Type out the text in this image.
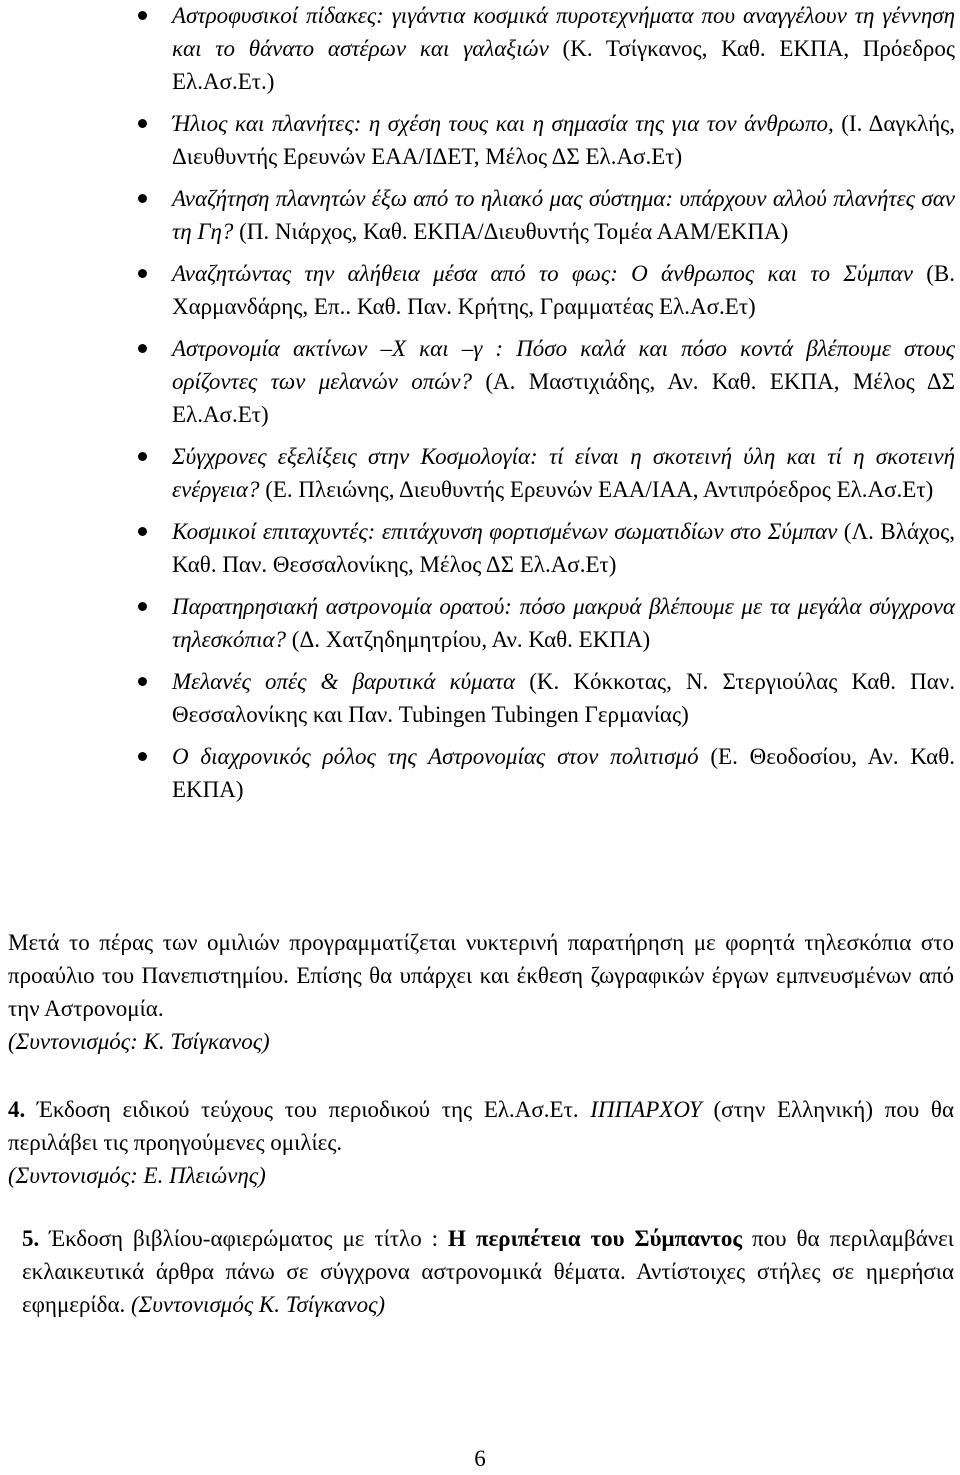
Αστροφυσικοί πίδακες: γιγάντια κοσμικά πυροτεχνήματα που αναγγέλουν τη γέννηση και το θάνατο αστέρων και γαλαξιών (Κ. Τσίγκανος, Καθ. ΕΚΠΑ, Πρόεδρος Ελ.Ασ.Ετ.)
Ήλιος και πλανήτες: η σχέση τους και η σημασία της για τον άνθρωπο, (Ι. Δαγκλής, Διευθυντής Ερευνών ΕΑΑ/ΙΔΕΤ, Μέλος ΔΣ Ελ.Ασ.Ετ)
Αναζήτηση πλανητών έξω από το ηλιακό μας σύστημα: υπάρχουν αλλού πλανήτες σαν τη Γη? (Π. Νιάρχος, Καθ. ΕΚΠΑ/Διευθυντής Τομέα ΑΑΜ/ΕΚΠΑ)
Αναζητώντας την αλήθεια μέσα από το φως: Ο άνθρωπος και το Σύμπαν (Β. Χαρμανδάρης, Επ.. Καθ. Παν. Κρήτης, Γραμματέας Ελ.Ασ.Ετ)
Αστρονομία ακτίνων –Χ και –γ : Πόσο καλά και πόσο κοντά βλέπουμε στους ορίζοντες των μελανών οπών? (Α. Μαστιχιάδης, Αν. Καθ. ΕΚΠΑ, Μέλος ΔΣ Ελ.Ασ.Ετ)
Σύγχρονες εξελίξεις στην Κοσμολογία: τί είναι η σκοτεινή ύλη και τί η σκοτεινή ενέργεια? (Ε. Πλειώνης, Διευθυντής Ερευνών ΕΑΑ/ΙΑΑ, Αντιπρόεδρος Ελ.Ασ.Ετ)
Κοσμικοί επιταχυντές: επιτάχυνση φορτισμένων σωματιδίων στο Σύμπαν (Λ. Βλάχος, Καθ. Παν. Θεσσαλονίκης, Μέλος ΔΣ Ελ.Ασ.Ετ)
Παρατηρησιακή αστρονομία ορατού: πόσο μακρυά βλέπουμε με τα μεγάλα σύγχρονα τηλεσκόπια? (Δ. Χατζηδημητρίου, Αν. Καθ. ΕΚΠΑ)
Μελανές οπές & βαρυτικά κύματα (Κ. Κόκκοτας, Ν. Στεργιούλας Καθ. Παν. Θεσσαλονίκης και Παν. Tubingen Tubingen Γερμανίας)
Ο διαχρονικός ρόλος της Αστρονομίας στον πολιτισμό (Ε. Θεοδοσίου, Αν. Καθ. ΕΚΠΑ)

Μετά το πέρας των ομιλιών προγραμματίζεται νυκτερινή παρατήρηση με φορητά τηλεσκόπια στο προαύλιο του Πανεπιστημίου. Επίσης θα υπάρχει και έκθεση ζωγραφικών έργων εμπνευσμένων από την Αστρονομία.
(Συντονισμός: Κ. Τσίγκανος)

4. Έκδοση ειδικού τεύχους του περιοδικού της Ελ.Ασ.Ετ. ΙΠΠΑΡΧΟΥ (στην Ελληνική) που θα περιλάβει τις προηγούμενες ομιλίες.
(Συντονισμός: Ε. Πλειώνης)

5. Έκδοση βιβλίου-αφιερώματος με τίτλο : Η περιπέτεια του Σύμπαντος που θα περιλαμβάνει εκλαικευτικά άρθρα πάνω σε σύγχρονα αστρονομικά θέματα. Αντίστοιχες στήλες σε ημερήσια εφημερίδα. (Συντονισμός Κ. Τσίγκανος)

6
